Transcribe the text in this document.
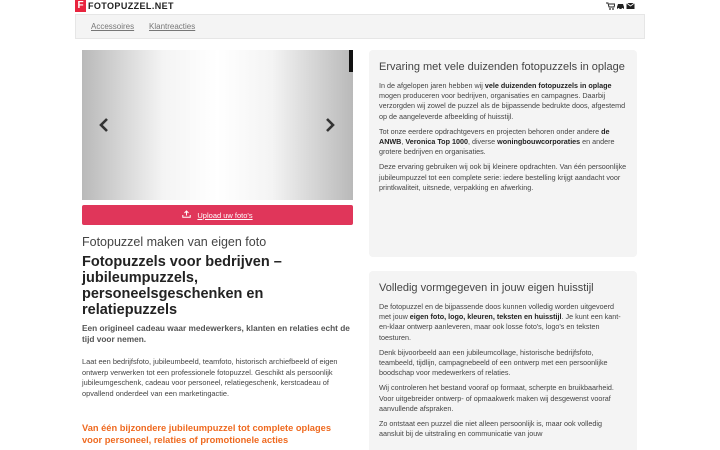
F FOTOPUZZEL.NET
Accessoires Klantreacties
Upload uw foto's
Fotopuzzel maken van eigen foto
Fotopuzzels voor bedrijven – jubileumpuzzels, personeelsgeschenken en relatiepuzzels
Een origineel cadeau waar medewerkers, klanten en relaties echt de tijd voor nemen.
Laat een bedrijfsfoto, jubileumbeeld, teamfoto, historisch archiefbeeld of eigen ontwerp verwerken tot een professionele fotopuzzel. Geschikt als persoonlijk jubileumgeschenk, cadeau voor personeel, relatiegeschenk, kerstcadeau of opvallend onderdeel van een marketingactie.
Van één bijzondere jubileumpuzzel tot complete oplages voor personeel, relaties of promotionele acties
Ervaring met vele duizenden fotopuzzels in oplage

In de afgelopen jaren hebben wij vele duizenden fotopuzzels in oplage mogen produceren voor bedrijven, organisaties en campagnes. Daarbij verzorgden wij zowel de puzzel als de bijpassende bedrukte doos, afgestemd op de aangeleverde afbeelding of huisstijl.

Tot onze eerdere opdrachtgevers en projecten behoren onder andere de ANWB, Veronica Top 1000, diverse woningbouwcorporaties en andere grotere bedrijven en organisaties.

Deze ervaring gebruiken wij ook bij kleinere opdrachten. Van één persoonlijke jubileumpuzzel tot een complete serie: iedere bestelling krijgt aandacht voor printkwaliteit, uitsnede, verpakking en afwerking.

Volledig vormgegeven in jouw eigen huisstijl

De fotopuzzel en de bijpassende doos kunnen volledig worden uitgevoerd met jouw eigen foto, logo, kleuren, teksten en huisstijl. Je kunt een kant-en-klaar ontwerp aanleveren, maar ook losse foto's, logo's en teksten toesturen.

Denk bijvoorbeeld aan een jubileumcollage, historische bedrijfsfoto, teambeeld, tijdlijn, campagnebeeld of een ontwerp met een persoonlijke boodschap voor medewerkers of relaties.

Wij controleren het bestand vooraf op formaat, scherpte en bruikbaarheid. Voor uitgebreider ontwerp- of opmaakwerk maken wij desgewenst vooraf aanvullende afspraken.

Zo ontstaat een puzzel die niet alleen persoonlijk is, maar ook volledig aansluit bij de uitstraling en communicatie van jouw
